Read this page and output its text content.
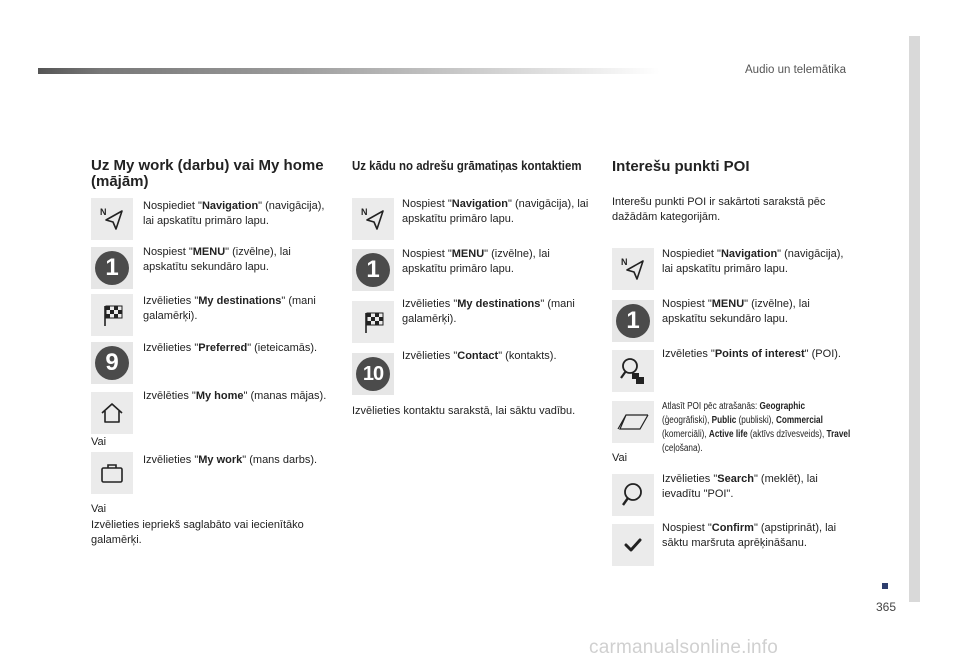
Audio un telemātika
365
Uz My work (darbu) vai My home (mājām)
N	Nospiediet "Navigation" (navigācija), lai apskatītu primāro lapu.
1
Nospiest "MENU" (izvēlne), lai apskatītu sekundāro lapu.
Izvēlieties "My destinations" (mani galamērķi).
9
Izvēlieties "Preferred" (ieteicamās).
Izvēlēties "My home" (manas mājas).
Vai
Izvēlieties "My work" (mans darbs).
Vai
Izvēlieties iepriekš saglabāto vai iecienītāko galamērķi.
Uz kādu no adrešu grāmatiņas kontaktiem
N
Nospiest "Navigation" (navigācija), lai apskatītu primāro lapu.
1
Nospiest "MENU" (izvēlne), lai apskatītu primāro lapu.
Izvēlieties "My destinations" (mani galamērķi).
10
Izvēlieties "Contact" (kontakts).
Izvēlieties kontaktu sarakstā, lai sāktu vadību.
Interešu punkti POI
Interešu punkti POI ir sakārtoti sarakstā pēc dažādām kategorijām.
N
Nospiediet "Navigation" (navigācija), lai apskatītu primāro lapu.
1
Nospiest "MENU" (izvēlne), lai apskatītu sekundāro lapu.
Izvēleties "Points of interest" (POI).
Atlasīt POI pēc atrašanās: Geographic (ģeogrāfiski), Public (publiski), Commercial (komerciāli), Active life (aktīvs dzīvesveids), Travel (ceļošana).
Vai
Izvēlieties "Search" (meklēt), lai ievadītu "POI".
Nospiest "Confirm" (apstiprināt), lai sāktu maršruta aprēķināšanu.
carmanualsonline.info
